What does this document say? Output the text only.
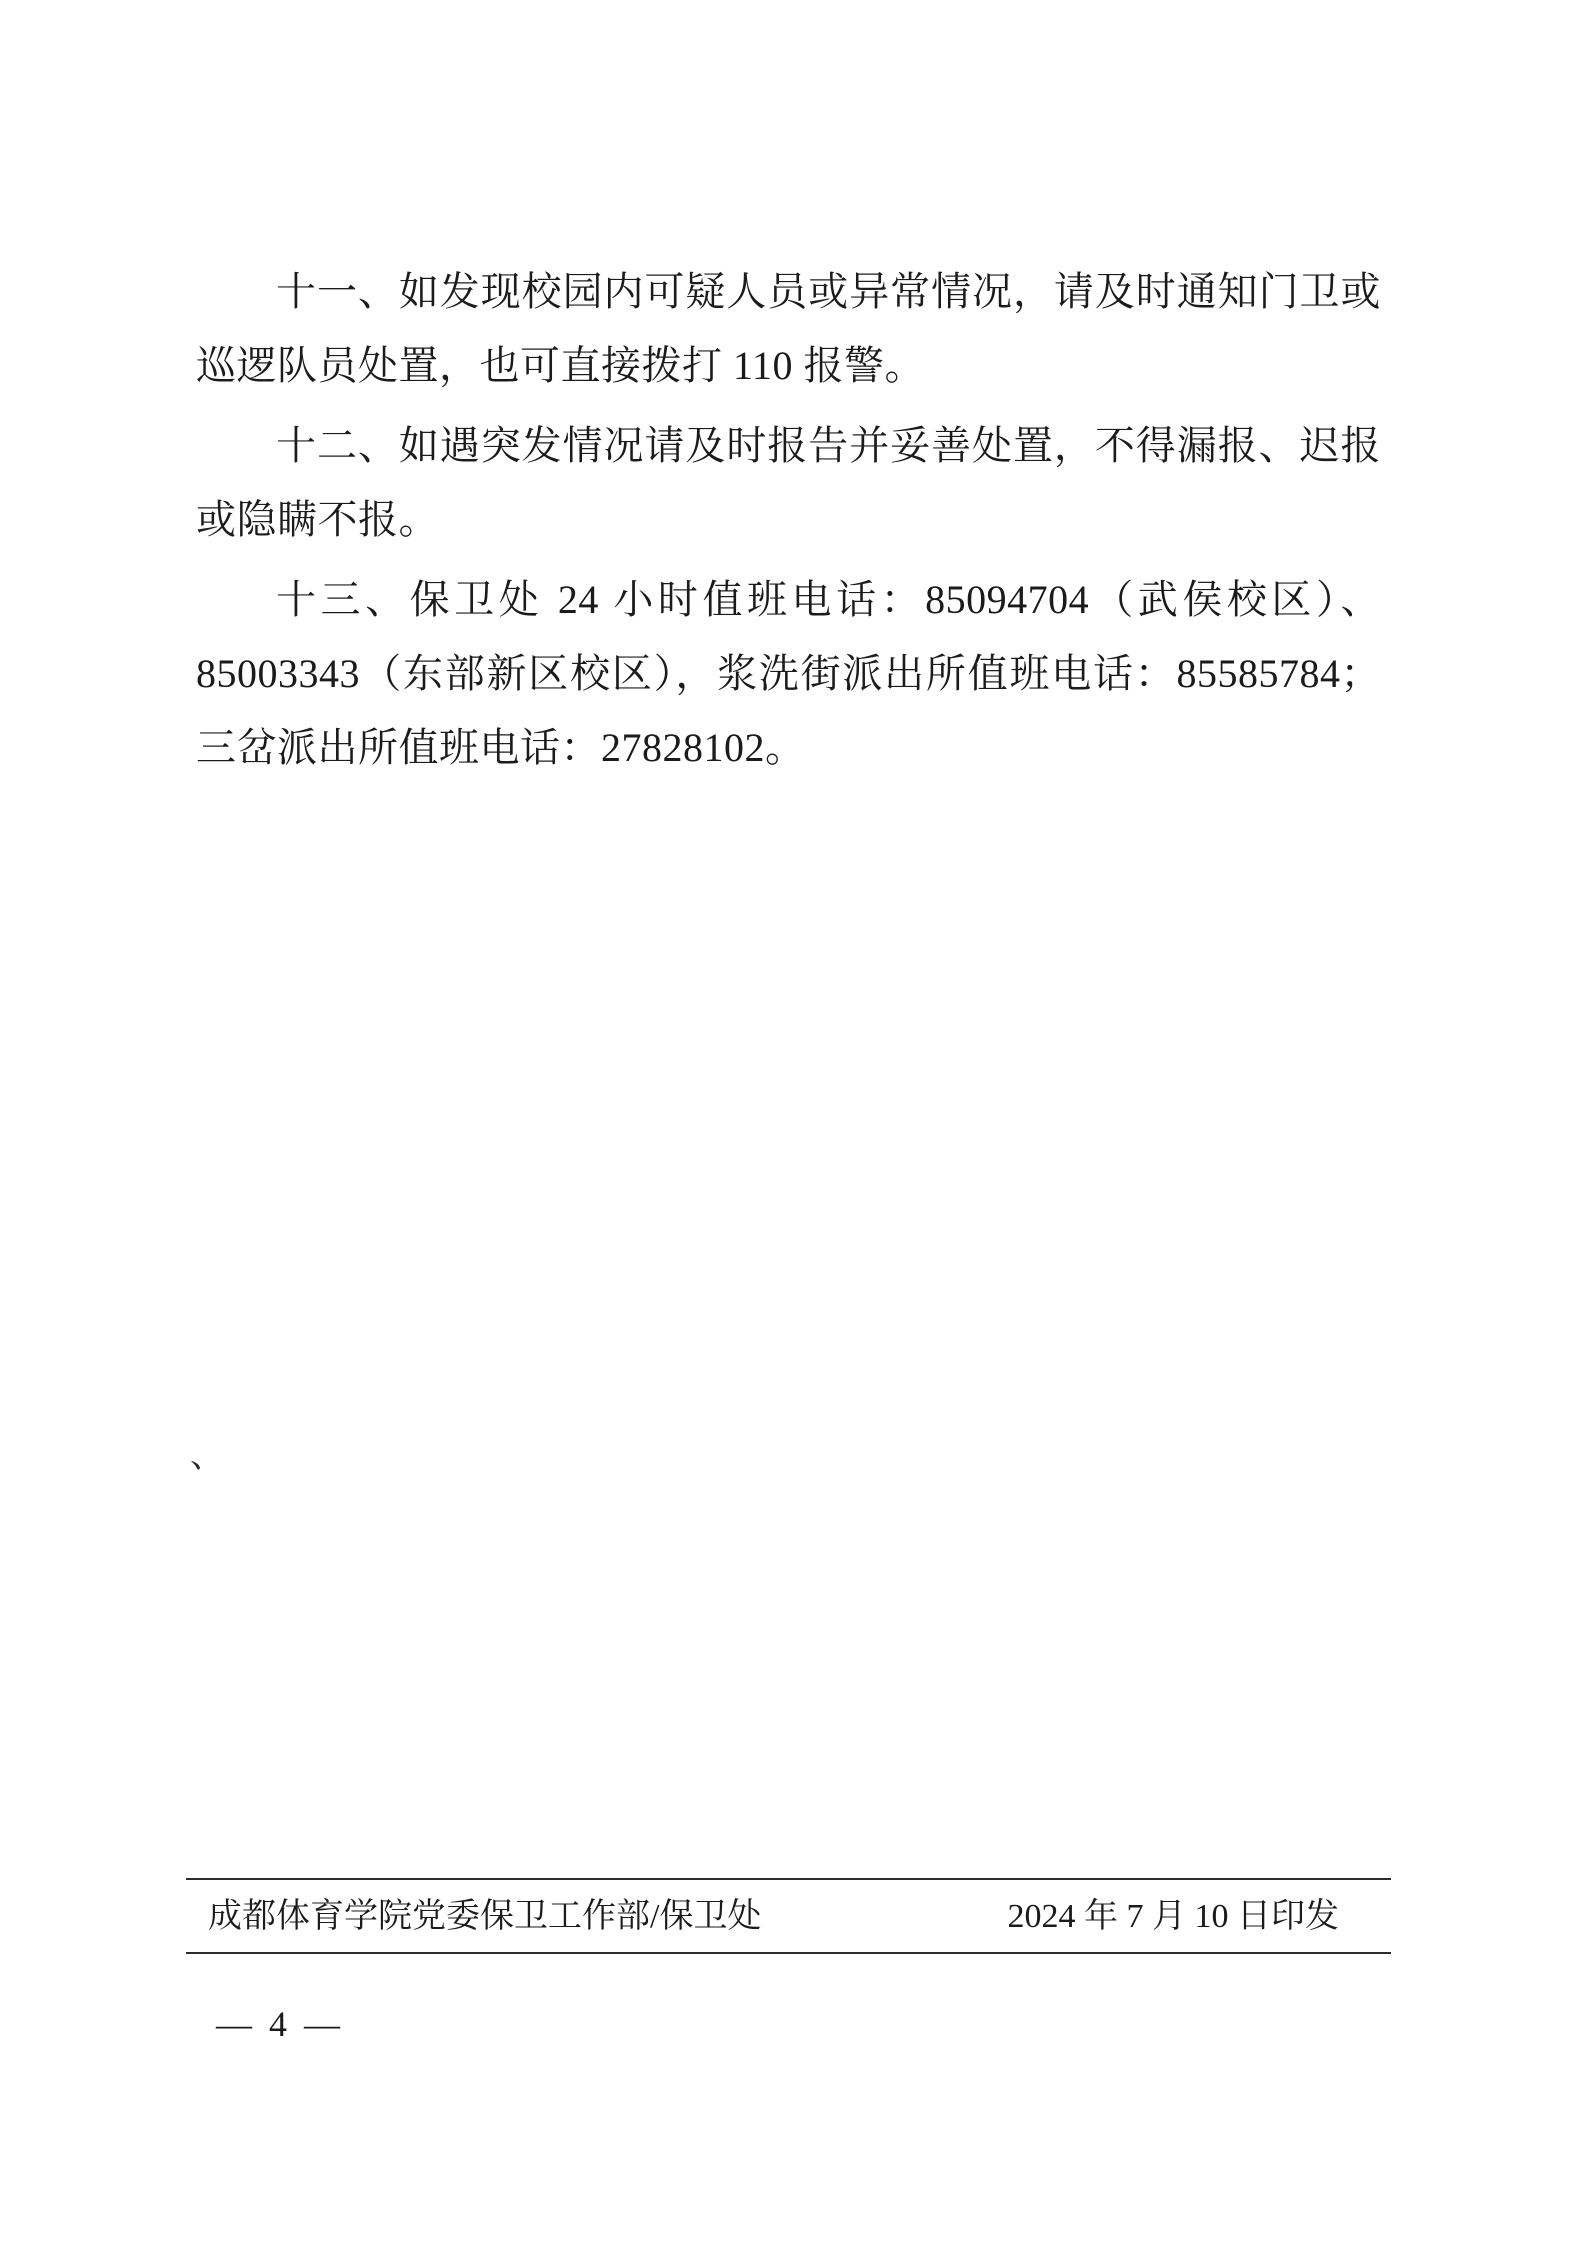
十一、如发现校园内可疑人员或异常情况，请及时通知门卫或巡逻队员处置，也可直接拨打 110 报警。

十二、如遇突发情况请及时报告并妥善处置，不得漏报、迟报或隐瞒不报。

十三、保卫处 24 小时值班电话：85094704（武侯校区）、85003343（东部新区校区），浆洗街派出所值班电话：85585784；三岔派出所值班电话：27828102。

、
成都体育学院党委保卫工作部/保卫处	2024 年 7 月 10 日印发
— 4 —
